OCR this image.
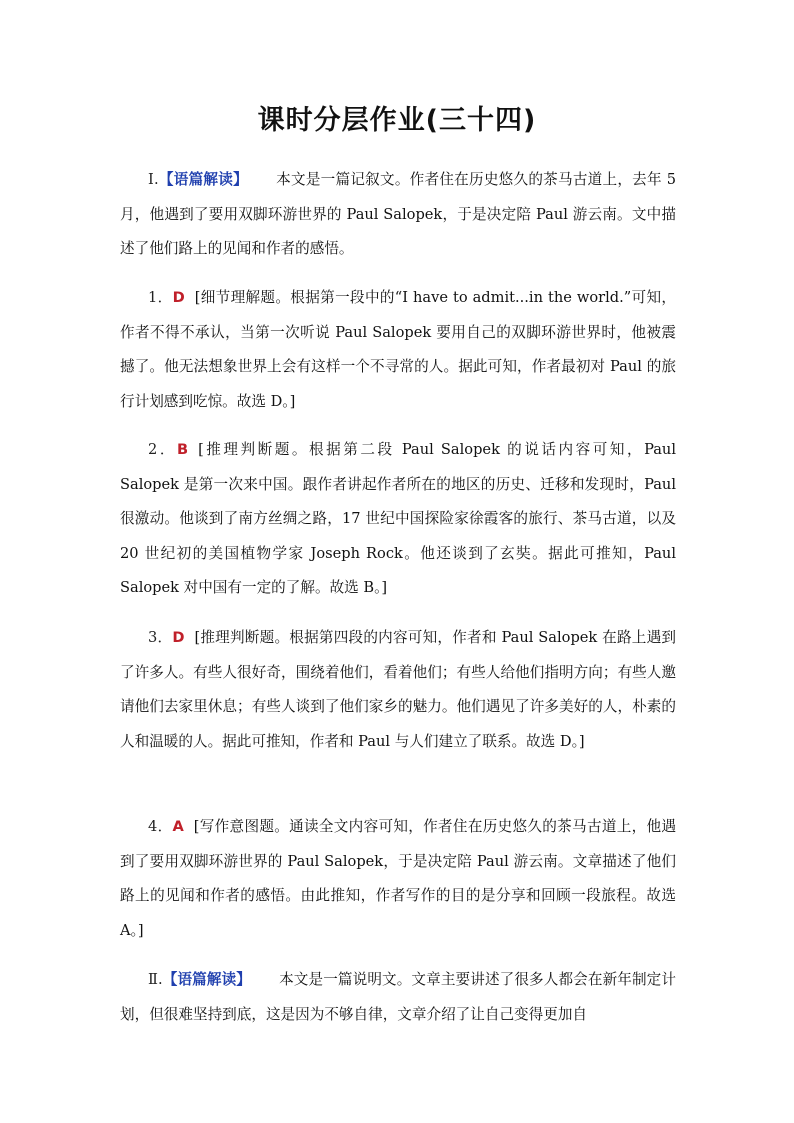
课时分层作业(三十四)

Ⅰ.【语篇解读】 本文是一篇记叙文。作者住在历史悠久的茶马古道上，去年 5 月，他遇到了要用双脚环游世界的 Paul Salopek，于是决定陪 Paul 游云南。文中描述了他们路上的见闻和作者的感悟。

1．D [细节理解题。根据第一段中的“I have to admit...in the world.”可知，作者不得不承认，当第一次听说 Paul Salopek 要用自己的双脚环游世界时，他被震撼了。他无法想象世界上会有这样一个不寻常的人。据此可知，作者最初对 Paul 的旅行计划感到吃惊。故选 D。]

2．B [推理判断题。根据第二段 Paul Salopek 的说话内容可知，Paul Salopek 是第一次来中国。跟作者讲起作者所在的地区的历史、迁移和发现时，Paul 很激动。他谈到了南方丝绸之路，17 世纪中国探险家徐霞客的旅行、茶马古道，以及 20 世纪初的美国植物学家 Joseph Rock。他还谈到了玄奘。据此可推知，Paul Salopek 对中国有一定的了解。故选 B。]

3．D [推理判断题。根据第四段的内容可知，作者和 Paul Salopek 在路上遇到了许多人。有些人很好奇，围绕着他们，看着他们；有些人给他们指明方向；有些人邀请他们去家里休息；有些人谈到了他们家乡的魅力。他们遇见了许多美好的人，朴素的人和温暖的人。据此可推知，作者和 Paul 与人们建立了联系。故选 D。]

4．A [写作意图题。通读全文内容可知，作者住在历史悠久的茶马古道上，他遇到了要用双脚环游世界的 Paul Salopek，于是决定陪 Paul 游云南。文章描述了他们路上的见闻和作者的感悟。由此推知，作者写作的目的是分享和回顾一段旅程。故选 A。]

Ⅱ.【语篇解读】 本文是一篇说明文。文章主要讲述了很多人都会在新年制定计划，但很难坚持到底，这是因为不够自律，文章介绍了让自己变得更加自
